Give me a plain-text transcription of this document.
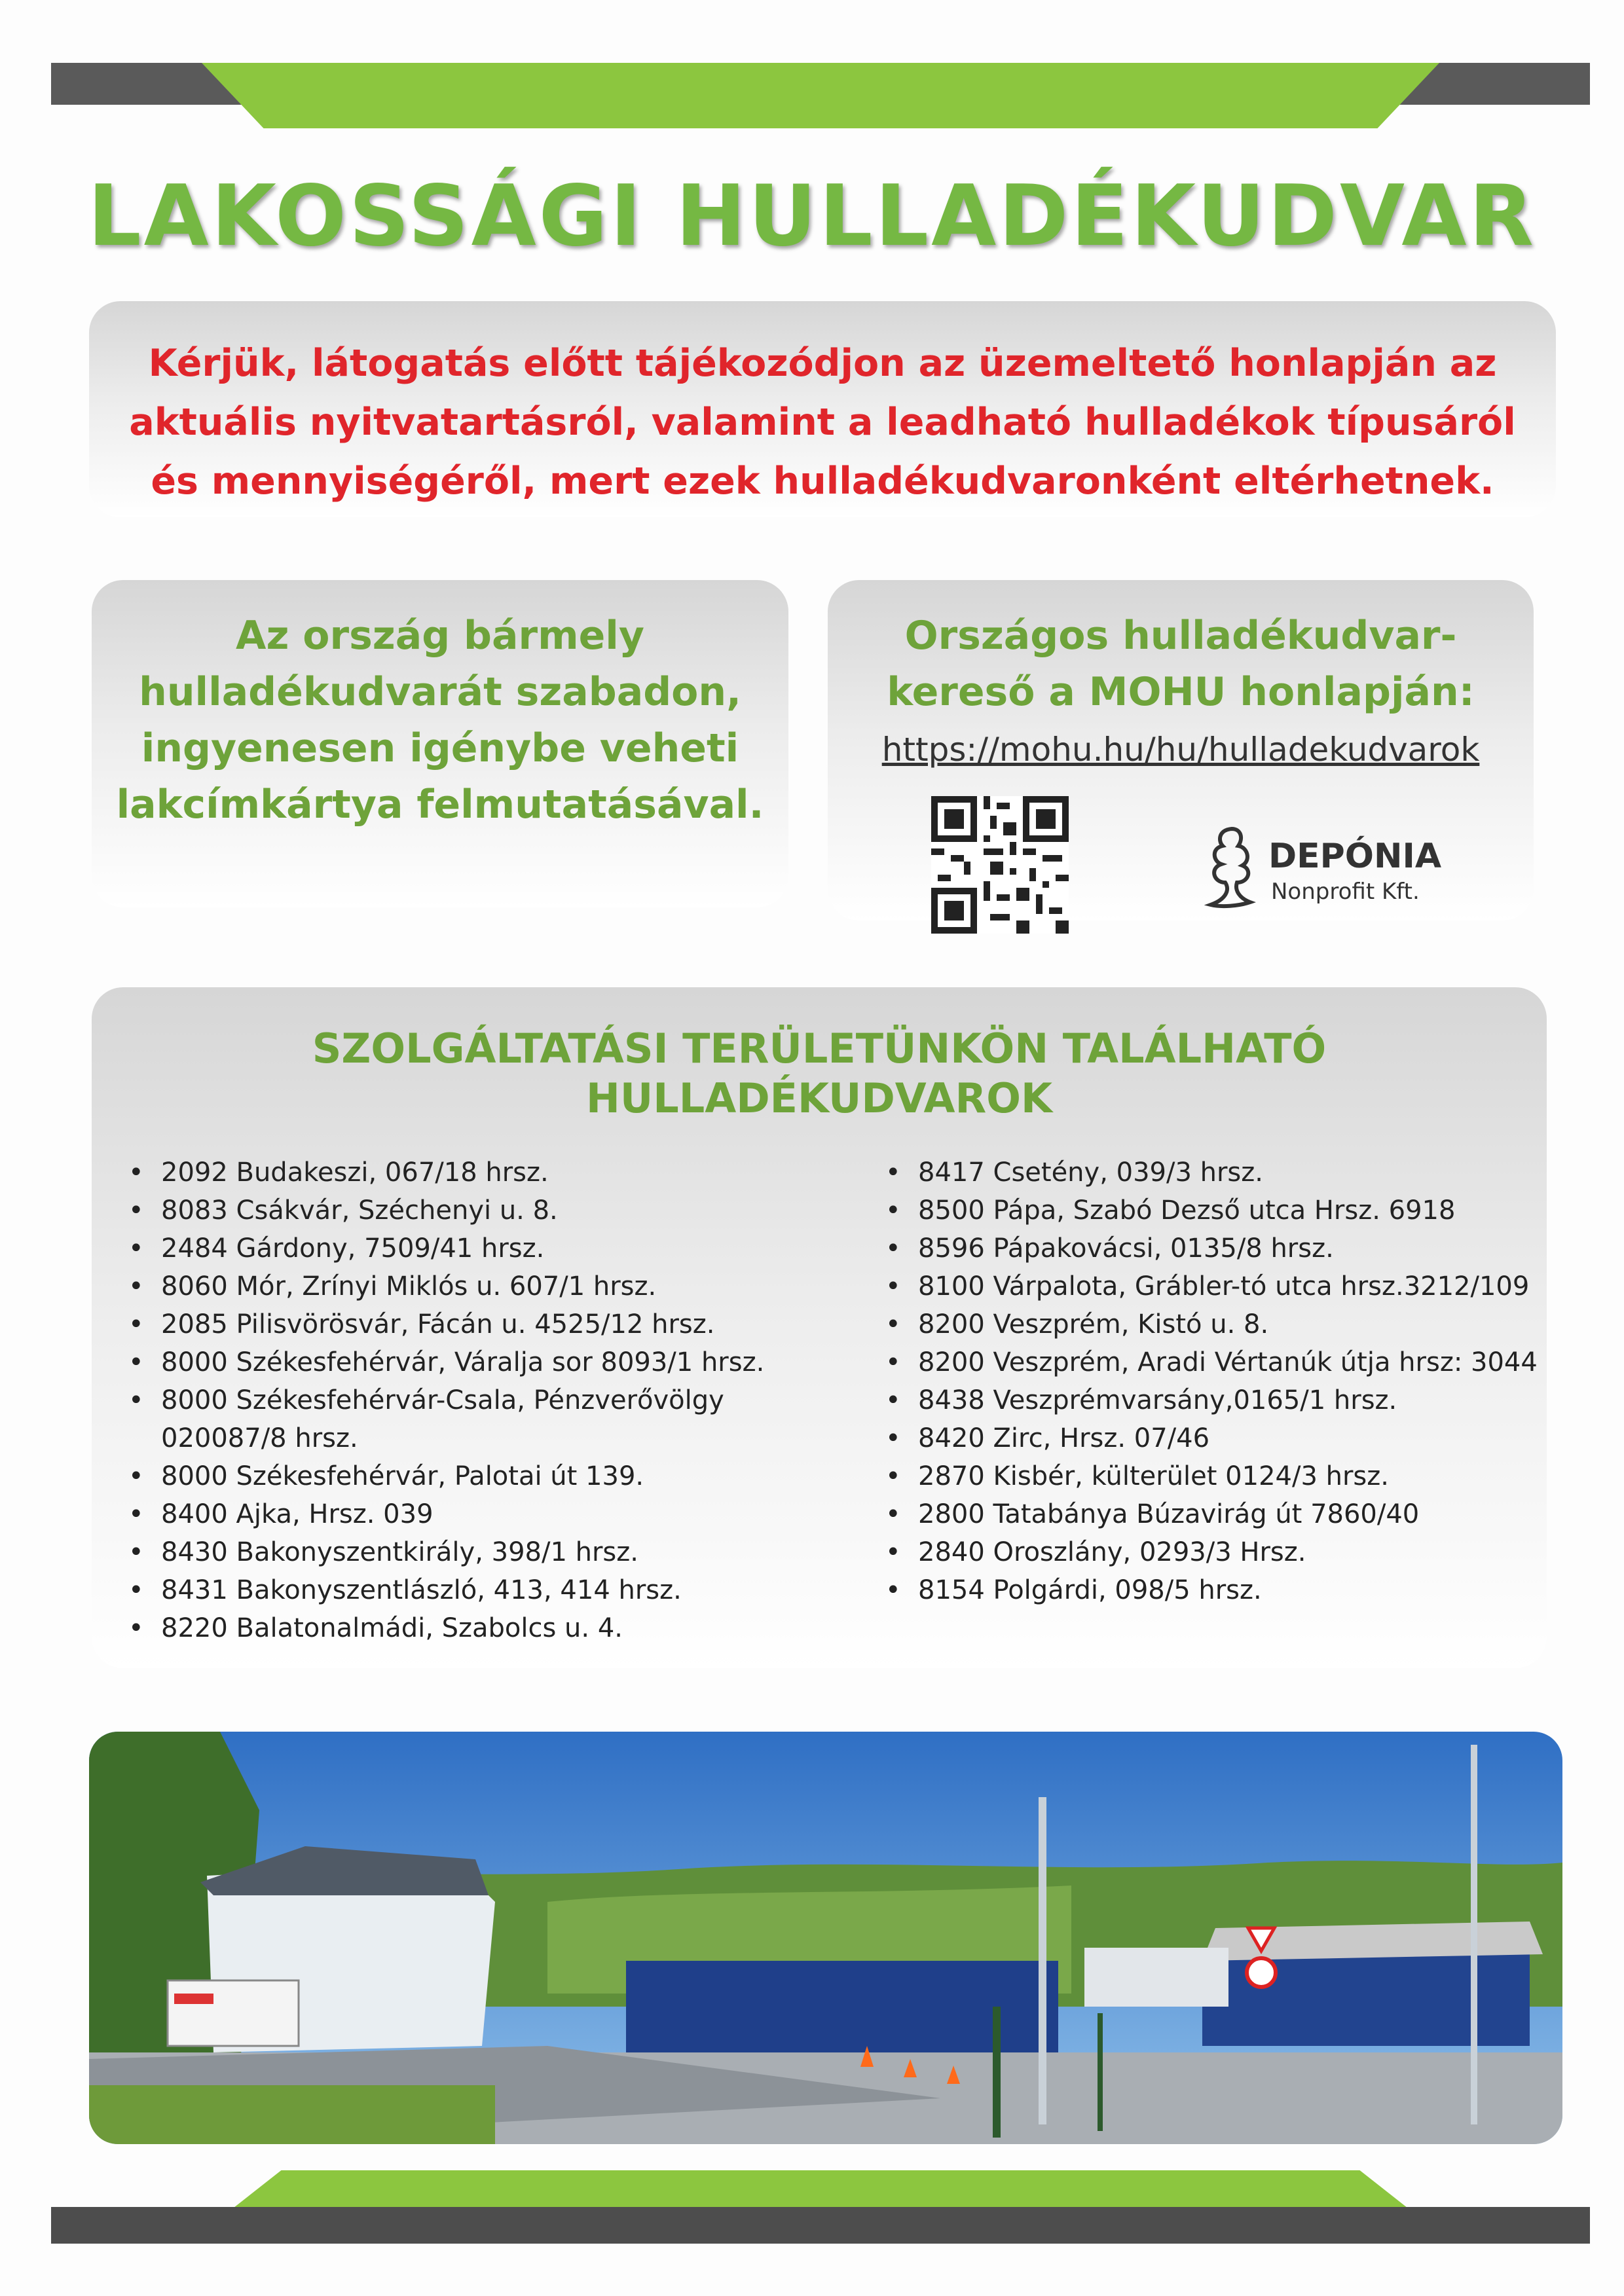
LAKOSSÁGI HULLADÉKUDVAR

Kérjük, látogatás előtt tájékozódjon az üzemeltető honlapján az aktuális nyitvatartásról, valamint a leadható hulladékok típusáról és mennyiségéről, mert ezek hulladékudvaronként eltérhetnek.

Az ország bármely hulladékudvarát szabadon, ingyenesen igénybe veheti lakcímkártya felmutatásával.

Országos hulladékudvar-kereső a MOHU honlapján:

https://mohu.hu/hu/hulladekudvarok
DEPÓNIA
Nonprofit Kft.
SZOLGÁLTATÁSI TERÜLETÜNKÖN TALÁLHATÓ HULLADÉKUDVAROK
• 2092 Budakeszi, 067/18 hrsz.
• 8083 Csákvár, Széchenyi u. 8.
• 2484 Gárdony, 7509/41 hrsz.
• 8060 Mór, Zrínyi Miklós u. 607/1 hrsz.
• 2085 Pilisvörösvár, Fácán u. 4525/12 hrsz.
• 8000 Székesfehérvár, Váralja sor 8093/1 hrsz.
• 8000 Székesfehérvár-Csala, Pénzverővölgy 020087/8 hrsz.
• 8000 Székesfehérvár, Palotai út 139.
• 8400 Ajka, Hrsz. 039
• 8430 Bakonyszentkirály, 398/1 hrsz.
• 8431 Bakonyszentlászló, 413, 414 hrsz.
• 8220 Balatonalmádi, Szabolcs u. 4.
• 8417 Csetény, 039/3 hrsz.
• 8500 Pápa, Szabó Dezső utca Hrsz. 6918
• 8596 Pápakovácsi, 0135/8 hrsz.
• 8100 Várpalota, Grábler-tó utca hrsz.3212/109
• 8200 Veszprém, Kistó u. 8.
• 8200 Veszprém, Aradi Vértanúk útja hrsz: 3044
• 8438 Veszprémvarsány,0165/1 hrsz.
• 8420 Zirc, Hrsz. 07/46
• 2870 Kisbér, külterület 0124/3 hrsz.
• 2800 Tatabánya Búzavirág út 7860/40
• 2840 Oroszlány, 0293/3 Hrsz.
• 8154 Polgárdi, 098/5 hrsz.
